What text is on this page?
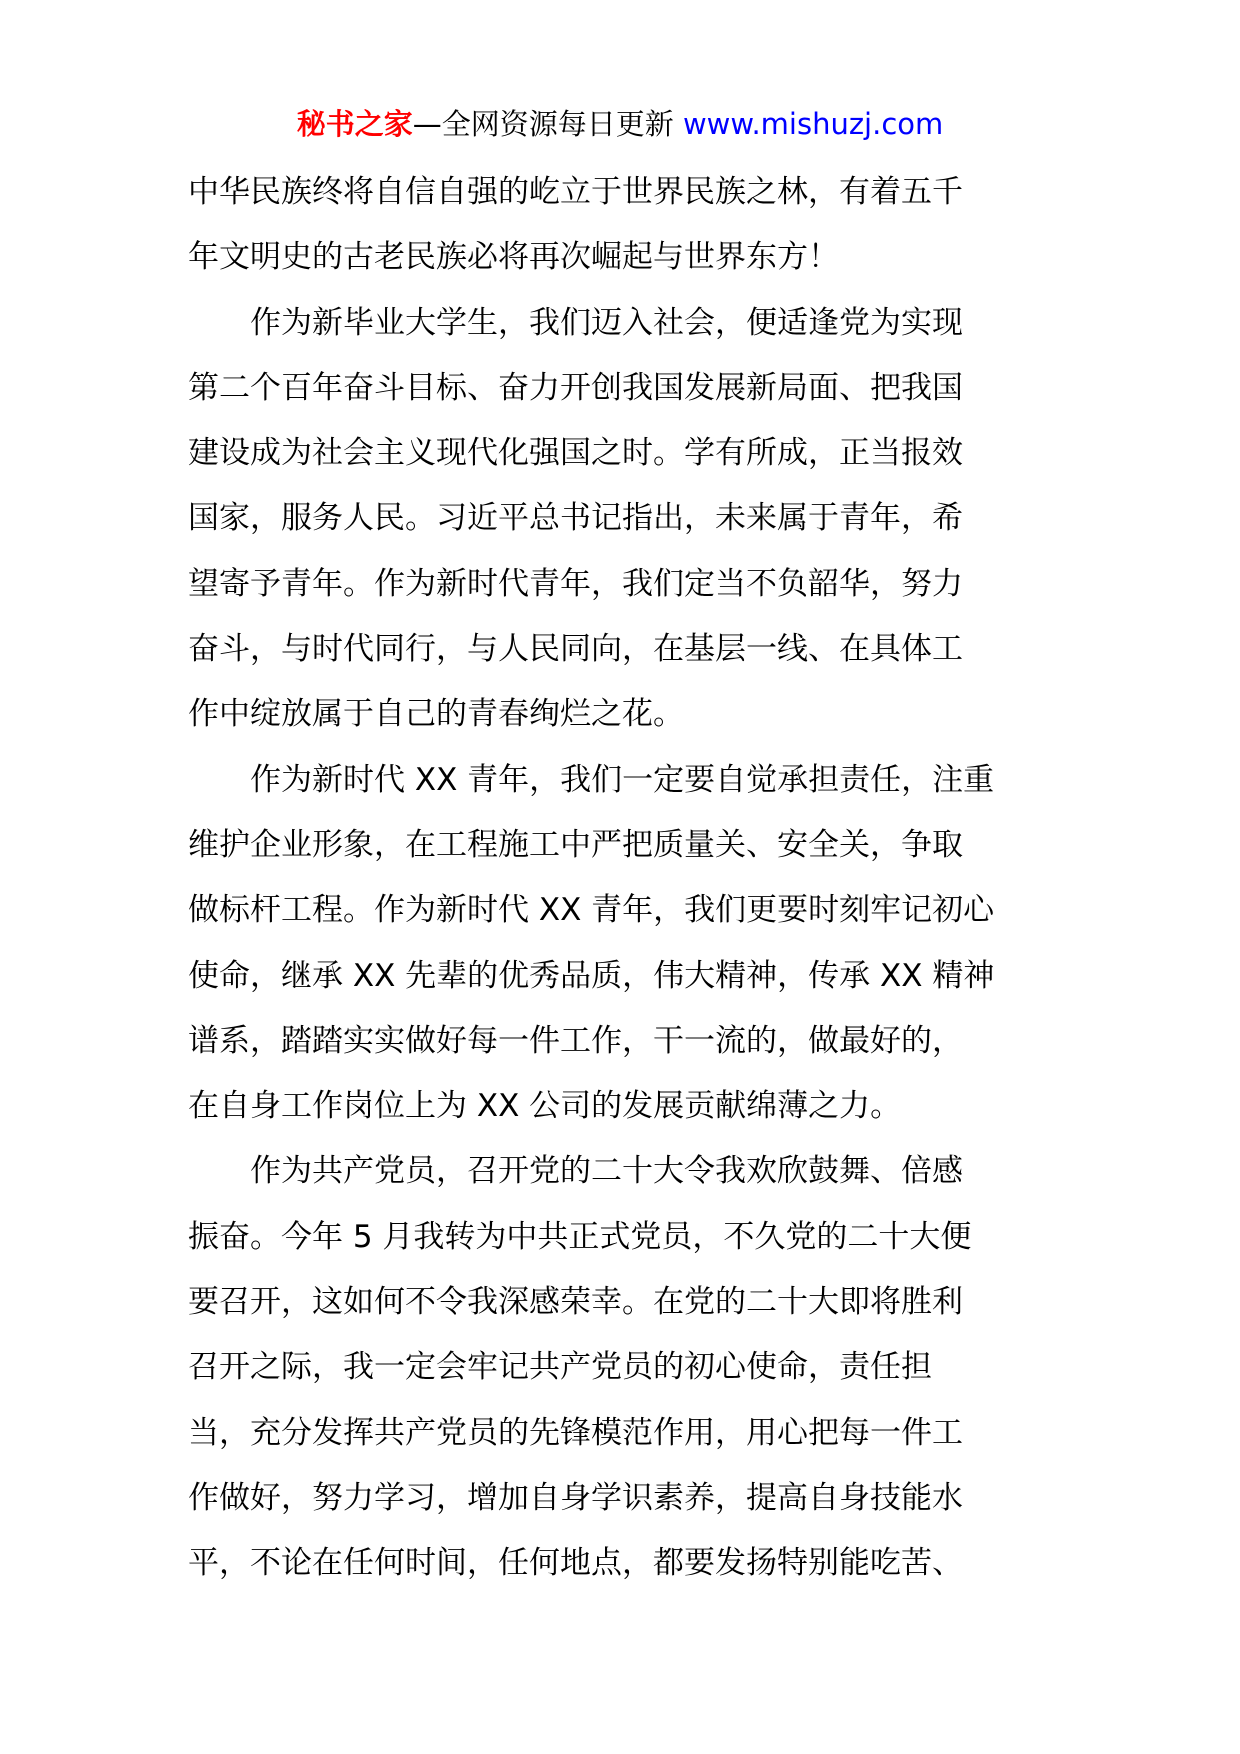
秘书之家—全网资源每日更新 www.mishuzj.com
中华民族终将自信自强的屹立于世界民族之林，有着五千
年文明史的古老民族必将再次崛起与世界东方！
　　作为新毕业大学生，我们迈入社会，便适逢党为实现
第二个百年奋斗目标、奋力开创我国发展新局面、把我国
建设成为社会主义现代化强国之时。学有所成，正当报效
国家，服务人民。习近平总书记指出，未来属于青年，希
望寄予青年。作为新时代青年，我们定当不负韶华，努力
奋斗，与时代同行，与人民同向，在基层一线、在具体工
作中绽放属于自己的青春绚烂之花。
　　作为新时代 XX 青年，我们一定要自觉承担责任，注重
维护企业形象，在工程施工中严把质量关、安全关，争取
做标杆工程。作为新时代 XX 青年，我们更要时刻牢记初心
使命，继承 XX 先辈的优秀品质，伟大精神，传承 XX 精神
谱系，踏踏实实做好每一件工作，干一流的，做最好的，
在自身工作岗位上为 XX 公司的发展贡献绵薄之力。
　　作为共产党员，召开党的二十大令我欢欣鼓舞、倍感
振奋。今年 5 月我转为中共正式党员，不久党的二十大便
要召开，这如何不令我深感荣幸。在党的二十大即将胜利
召开之际，我一定会牢记共产党员的初心使命，责任担
当，充分发挥共产党员的先锋模范作用，用心把每一件工
作做好，努力学习，增加自身学识素养，提高自身技能水
平，不论在任何时间，任何地点，都要发扬特别能吃苦、
